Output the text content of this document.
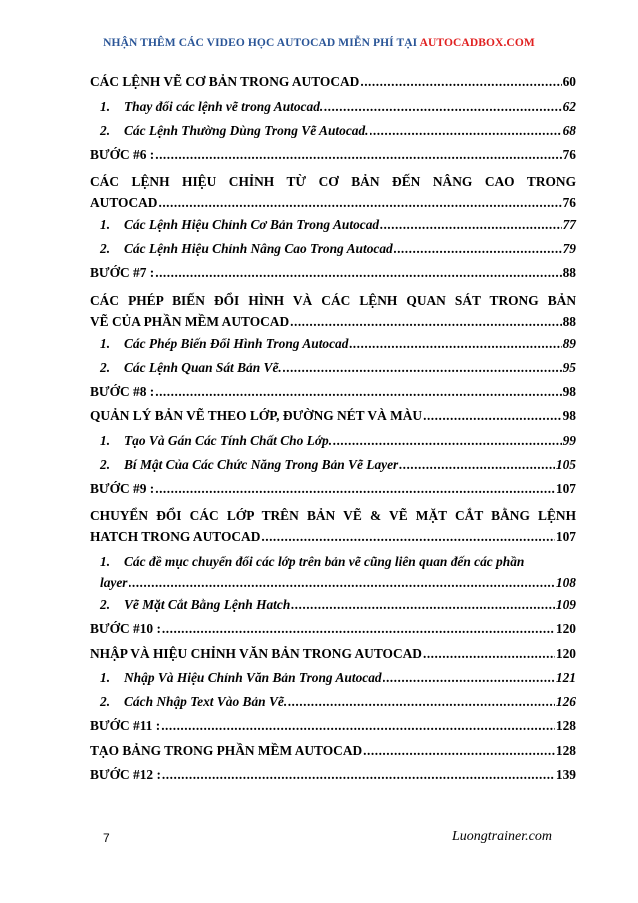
NHẬN THÊM CÁC VIDEO HỌC AUTOCAD MIỄN PHÍ TẠI AUTOCADBOX.COM
CÁC LỆNH VẼ CƠ BẢN TRONG AUTOCAD .....	60
1. Thay đổi các lệnh vẽ trong Autocad. .....	62
2. Các Lệnh Thường Dùng Trong Vẽ Autocad. .....	68
BƯỚC #6 : .....	76
CÁC LỆNH HIỆU CHỈNH TỪ CƠ BẢN ĐẾN NÂNG CAO TRONG
AUTOCAD .....	76
1. Các Lệnh Hiệu Chỉnh Cơ Bản Trong Autocad .....	77
2. Các Lệnh Hiệu Chỉnh Nâng Cao Trong Autocad .....	79
BƯỚC #7 : .....	88
CÁC PHÉP BIẾN ĐỔI HÌNH VÀ CÁC LỆNH QUAN SÁT TRONG BẢN
VẼ CỦA PHẦN MỀM AUTOCAD .....	88
1. Các Phép Biến Đổi Hình Trong Autocad .....	89
2. Các Lệnh Quan Sát Bản Vẽ. .....	95
BƯỚC #8 : .....	98
QUẢN LÝ BẢN VẼ THEO LỚP, ĐƯỜNG NÉT VÀ MÀU .....	98
1. Tạo Và Gán Các Tính Chất Cho Lớp. .....	99
2. Bí Mật Của Các Chức Năng Trong Bản Vẽ Layer .....	105
BƯỚC #9 : .....	107
CHUYỂN ĐỔI CÁC LỚP TRÊN BẢN VẼ & VẼ MẶT CẮT BẰNG LỆNH
HATCH TRONG AUTOCAD .....	107
1. Các đề mục chuyển đổi các lớp trên bản vẽ cũng liên quan đến các phần
layer .....	108
2. Vẽ Mặt Cắt Bằng Lệnh Hatch .....	109
BƯỚC #10 : .....	120
NHẬP VÀ HIỆU CHỈNH VĂN BẢN TRONG AUTOCAD .....	120
1. Nhập Và Hiệu Chỉnh Văn Bản Trong Autocad .....	121
2. Cách Nhập Text Vào Bản Vẽ. .....	126
BƯỚC #11 : .....	128
TẠO BẢNG TRONG PHẦN MỀM AUTOCAD .....	128
BƯỚC #12 : .....	139
7	Luongtrainer.com
